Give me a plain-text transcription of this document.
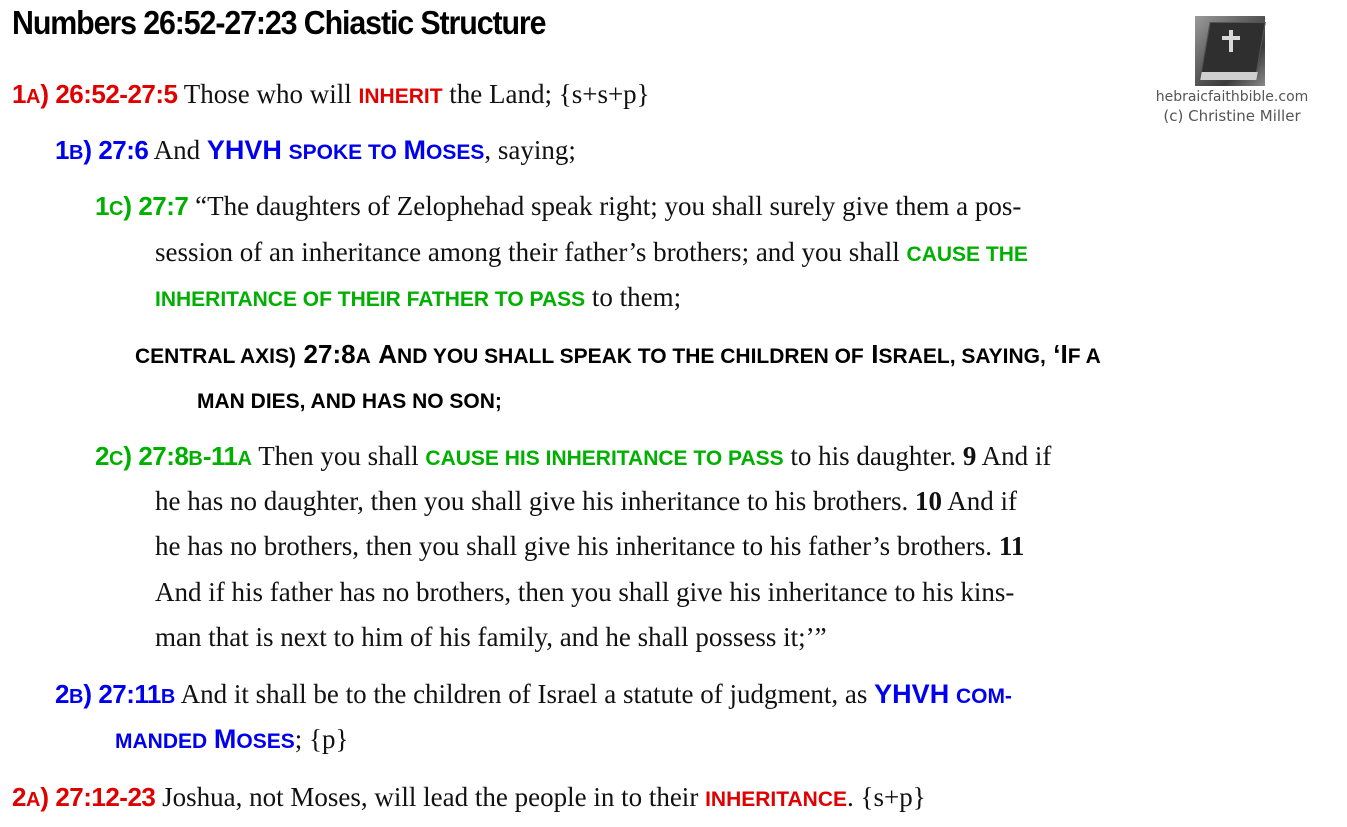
Numbers 26:52-27:23 Chiastic Structure
hebraicfaithbible.com
(c) Christine Miller
1A) 26:52-27:5 Those who will INHERIT the Land; {s+s+p}
1B) 27:6 And YHVH SPOKE TO MOSES, saying;
1C) 27:7 “The daughters of Zelophehad speak right; you shall surely give them a pos-
session of an inheritance among their father’s brothers; and you shall CAUSE THE
INHERITANCE OF THEIR FATHER TO PASS to them;
CENTRAL AXIS) 27:8A AND YOU SHALL SPEAK TO THE CHILDREN OF ISRAEL, SAYING, ‘IF A
MAN DIES, AND HAS NO SON;
2C) 27:8B-11A Then you shall CAUSE HIS INHERITANCE TO PASS to his daughter. 9 And if
he has no daughter, then you shall give his inheritance to his brothers. 10 And if
he has no brothers, then you shall give his inheritance to his father’s brothers. 11
And if his father has no brothers, then you shall give his inheritance to his kins-
man that is next to him of his family, and he shall possess it;’”
2B) 27:11B And it shall be to the children of Israel a statute of judgment, as YHVH COM-
MANDED MOSES; {p}
2A) 27:12-23 Joshua, not Moses, will lead the people in to their INHERITANCE. {s+p}
